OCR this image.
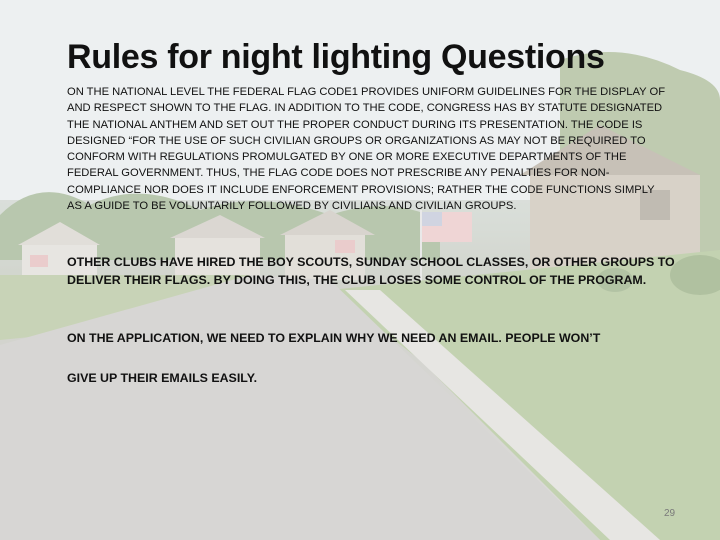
Rules for night lighting Questions

ON THE NATIONAL LEVEL THE FEDERAL FLAG CODE1 PROVIDES UNIFORM GUIDELINES FOR THE DISPLAY OF AND RESPECT SHOWN TO THE FLAG. IN ADDITION TO THE CODE, CONGRESS HAS BY STATUTE DESIGNATED THE NATIONAL ANTHEM AND SET OUT THE PROPER CONDUCT DURING ITS PRESENTATION. THE CODE IS DESIGNED “FOR THE USE OF SUCH CIVILIAN GROUPS OR ORGANIZATIONS AS MAY NOT BE REQUIRED TO CONFORM WITH REGULATIONS PROMULGATED BY ONE OR MORE EXECUTIVE DEPARTMENTS OF THE FEDERAL GOVERNMENT. THUS, THE FLAG CODE DOES NOT PRESCRIBE ANY PENALTIES FOR NON-COMPLIANCE NOR DOES IT INCLUDE ENFORCEMENT PROVISIONS; RATHER THE CODE FUNCTIONS SIMPLY AS A GUIDE TO BE VOLUNTARILY FOLLOWED BY CIVILIANS AND CIVILIAN GROUPS.

OTHER CLUBS HAVE HIRED THE BOY SCOUTS, SUNDAY SCHOOL CLASSES, OR OTHER GROUPS TO DELIVER THEIR FLAGS. BY DOING THIS, THE CLUB LOSES SOME CONTROL OF THE PROGRAM.

ON THE APPLICATION, WE NEED TO EXPLAIN WHY WE NEED AN EMAIL. PEOPLE WON’T

GIVE UP THEIR EMAILS EASILY.

29
